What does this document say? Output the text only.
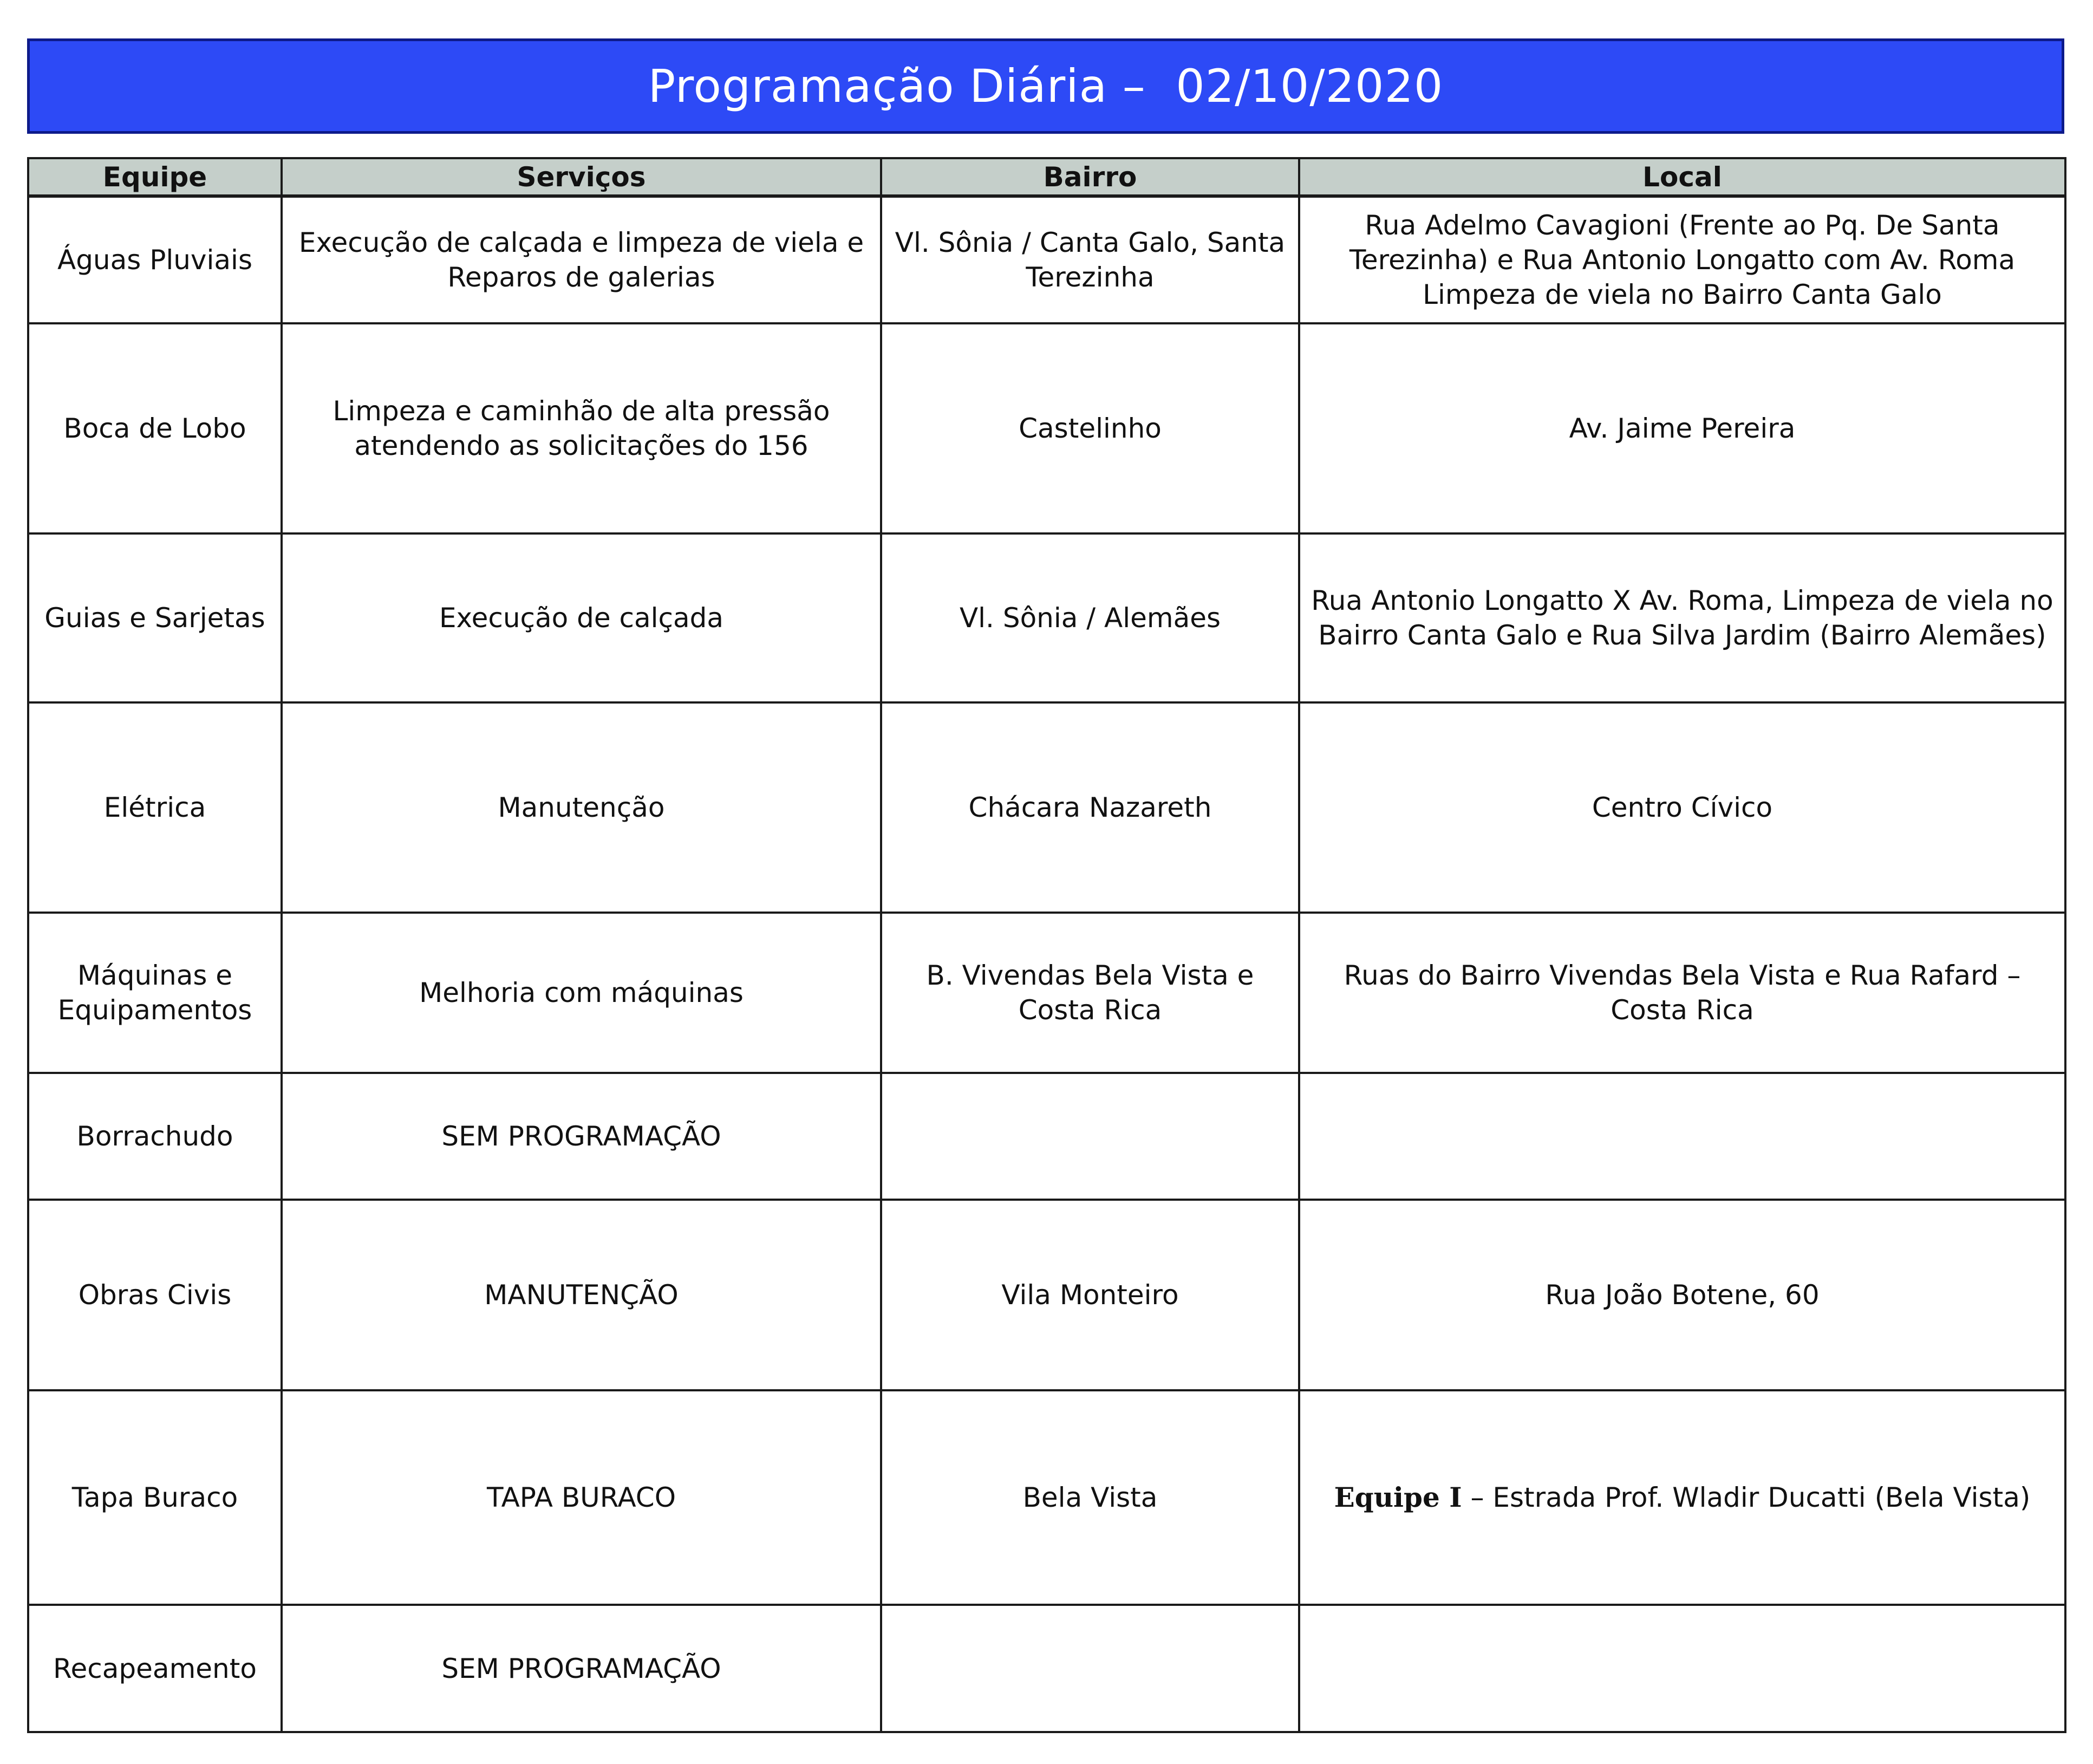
Programação Diária –  02/10/2020
Equipe	Serviços	Bairro	Local
Águas Pluviais	Execução de calçada e limpeza de viela e Reparos de galerias	Vl. Sônia / Canta Galo, Santa Terezinha	Rua Adelmo Cavagioni (Frente ao Pq. De Santa Terezinha) e Rua Antonio Longatto com Av. Roma Limpeza de viela no Bairro Canta Galo
Boca de Lobo	Limpeza e caminhão de alta pressão atendendo as solicitações do 156	Castelinho	Av. Jaime Pereira
Guias e Sarjetas	Execução de calçada	Vl. Sônia / Alemães	Rua Antonio Longatto X Av. Roma, Limpeza de viela no Bairro Canta Galo e Rua Silva Jardim (Bairro Alemães)
Elétrica	Manutenção	Chácara Nazareth	Centro Cívico
Máquinas e Equipamentos	Melhoria com máquinas	B. Vivendas Bela Vista e Costa Rica	Ruas do Bairro Vivendas Bela Vista e Rua Rafard – Costa Rica
Borrachudo	SEM PROGRAMAÇÃO		
Obras Civis	MANUTENÇÃO	Vila Monteiro	Rua João Botene, 60
Tapa Buraco	TAPA BURACO	Bela Vista	Equipe I – Estrada Prof. Wladir Ducatti (Bela Vista)
Recapeamento	SEM PROGRAMAÇÃO		
